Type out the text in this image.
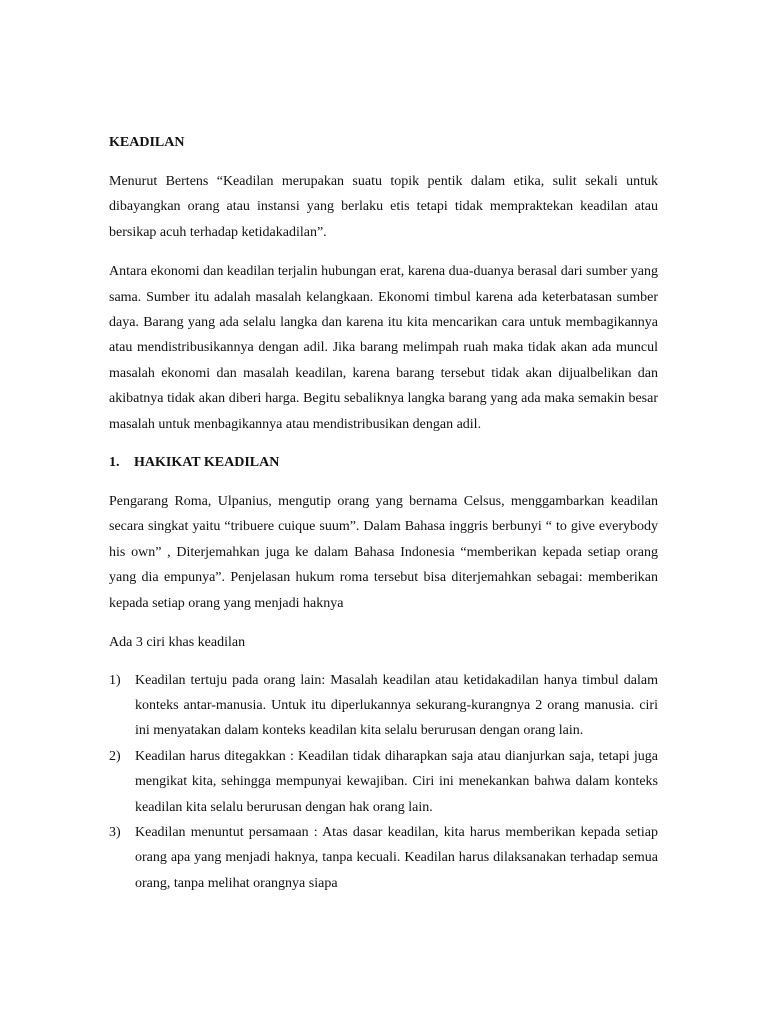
KEADILAN

Menurut Bertens “Keadilan merupakan suatu topik pentik dalam etika, sulit sekali untuk dibayangkan orang atau instansi yang berlaku etis tetapi tidak mempraktekan keadilan atau bersikap acuh terhadap ketidakadilan”.

Antara ekonomi dan keadilan terjalin hubungan erat, karena dua-duanya berasal dari sumber yang sama. Sumber itu adalah masalah kelangkaan. Ekonomi timbul karena ada keterbatasan sumber daya. Barang yang ada selalu langka dan karena itu kita mencarikan cara untuk membagikannya atau mendistribusikannya dengan adil. Jika barang melimpah ruah maka tidak akan ada muncul masalah ekonomi dan masalah keadilan, karena barang tersebut tidak akan dijualbelikan dan akibatnya tidak akan diberi harga. Begitu sebaliknya langka barang yang ada maka semakin besar masalah untuk menbagikannya atau mendistribusikan dengan adil.

1.	HAKIKAT KEADILAN

Pengarang Roma, Ulpanius, mengutip orang yang bernama Celsus, menggambarkan keadilan secara singkat yaitu “tribuere cuique suum”. Dalam Bahasa inggris berbunyi “ to give everybody his own” , Diterjemahkan juga ke dalam Bahasa Indonesia “memberikan kepada setiap orang yang dia empunya”. Penjelasan hukum roma tersebut bisa diterjemahkan sebagai: memberikan kepada setiap orang yang menjadi haknya

Ada 3 ciri khas keadilan

1)	Keadilan tertuju pada orang lain: Masalah keadilan atau ketidakadilan hanya timbul dalam konteks antar-manusia. Untuk itu diperlukannya sekurang-kurangnya 2 orang manusia. ciri ini menyatakan dalam konteks keadilan kita selalu berurusan dengan orang lain.
2)	Keadilan harus ditegakkan : Keadilan tidak diharapkan saja atau dianjurkan saja, tetapi juga mengikat kita, sehingga mempunyai kewajiban. Ciri ini menekankan bahwa dalam konteks keadilan kita selalu berurusan dengan hak orang lain.
3)	Keadilan menuntut persamaan : Atas dasar keadilan, kita harus memberikan kepada setiap orang apa yang menjadi haknya, tanpa kecuali. Keadilan harus dilaksanakan terhadap semua orang, tanpa melihat orangnya siapa
